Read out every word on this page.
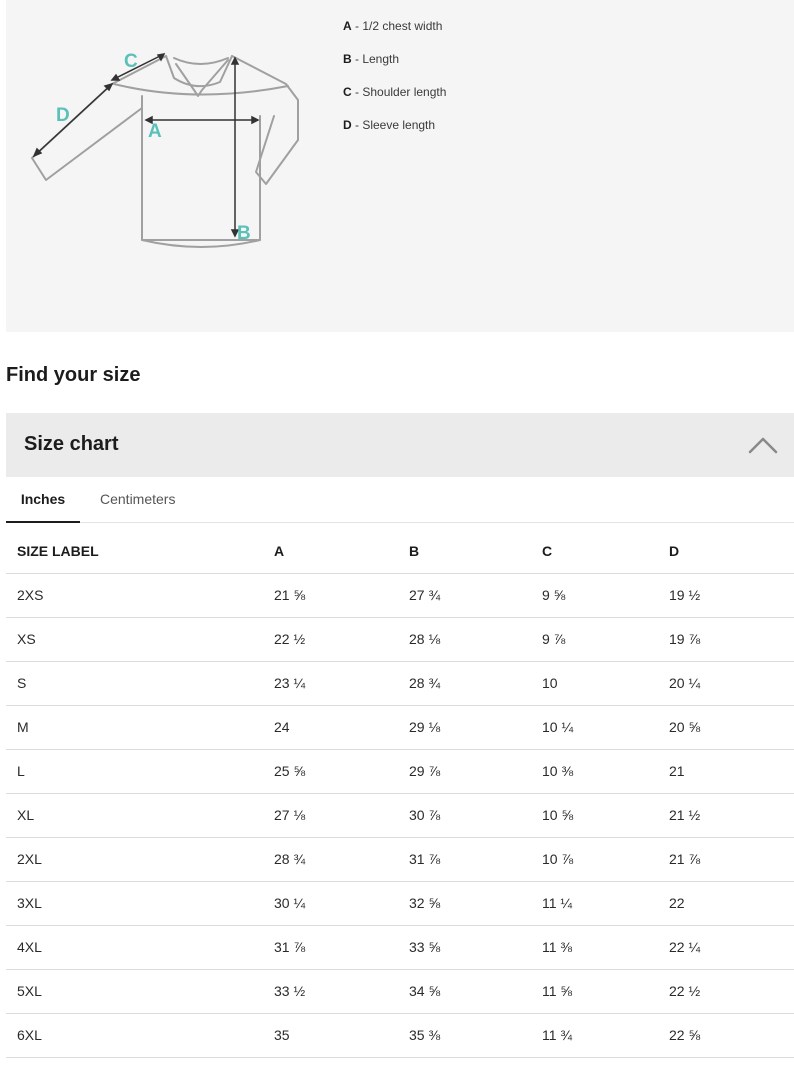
A
B
C
D
A - 1/2 chest width
B - Length
C - Shoulder length
D - Sleeve length
Find your size
Size chart
Inches	Centimeters
SIZE LABEL	A	B	C	D
2XS	21 ⅝	27 ¾	9 ⅝	19 ½
XS	22 ½	28 ⅛	9 ⅞	19 ⅞
S	23 ¼	28 ¾	10	20 ¼
M	24	29 ⅛	10 ¼	20 ⅝
L	25 ⅝	29 ⅞	10 ⅜	21
XL	27 ⅛	30 ⅞	10 ⅝	21 ½
2XL	28 ¾	31 ⅞	10 ⅞	21 ⅞
3XL	30 ¼	32 ⅝	11 ¼	22
4XL	31 ⅞	33 ⅝	11 ⅜	22 ¼
5XL	33 ½	34 ⅝	11 ⅝	22 ½
6XL	35	35 ⅜	11 ¾	22 ⅝
